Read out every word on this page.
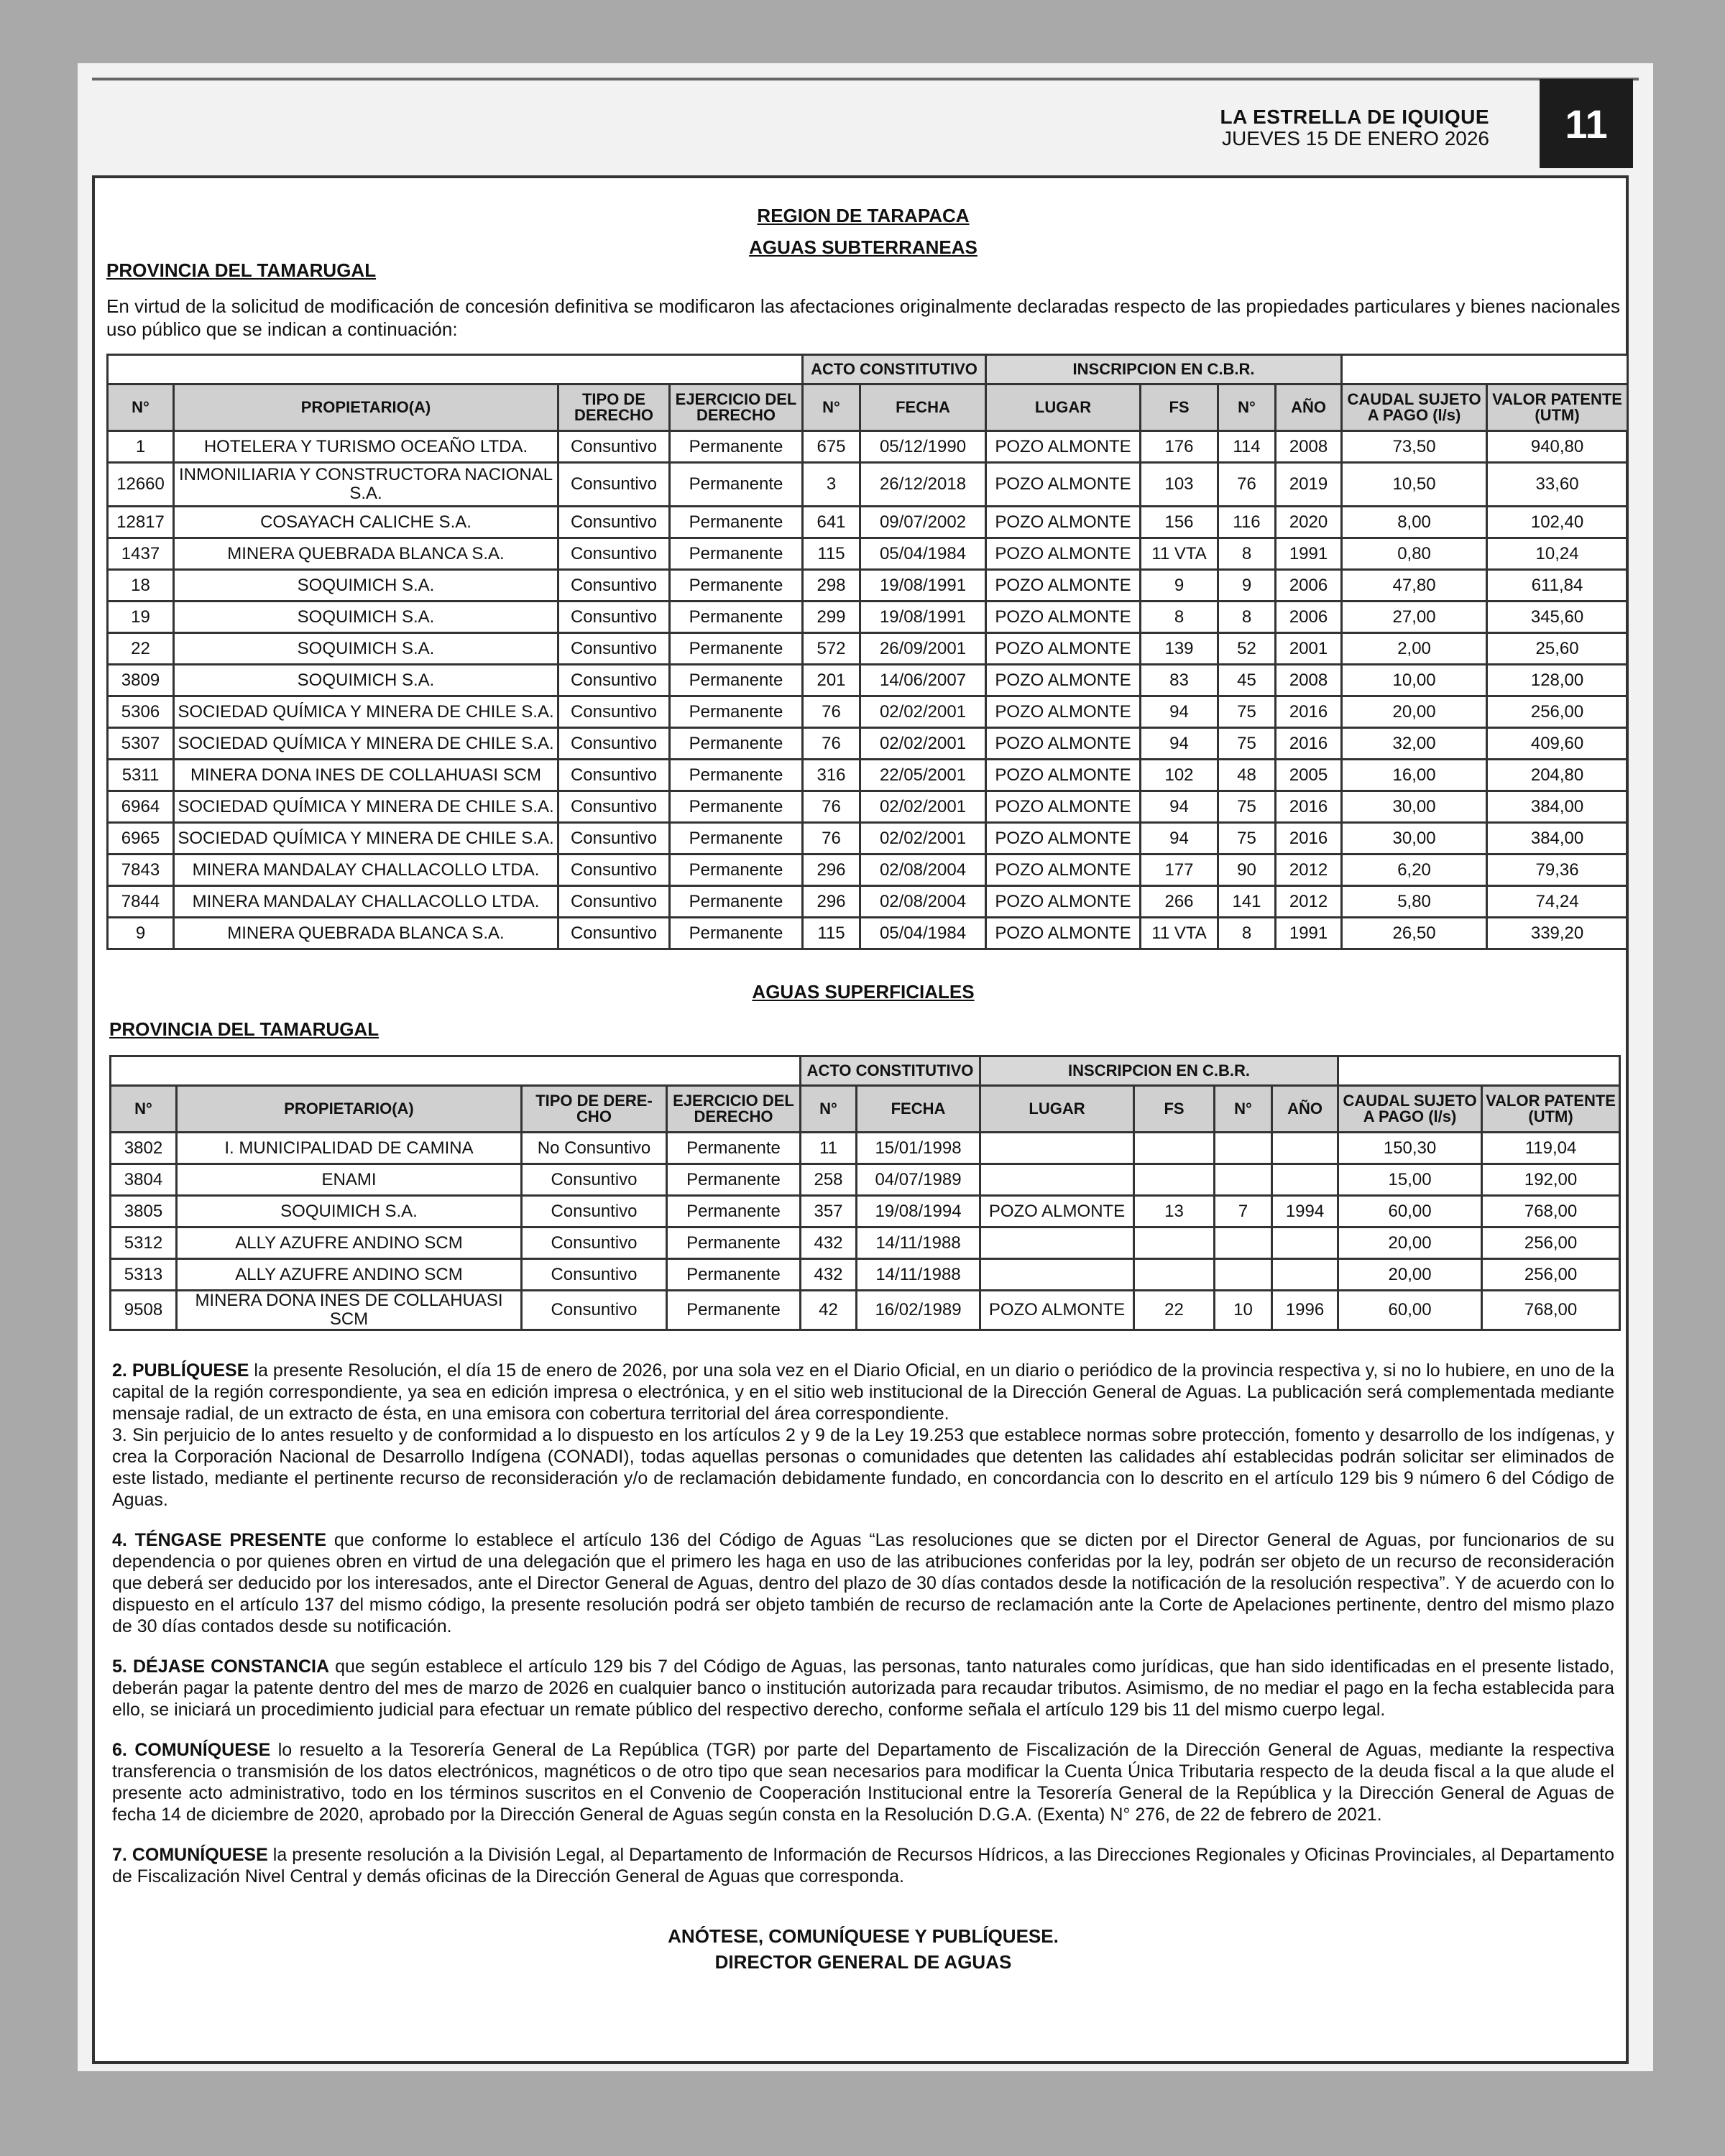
LA ESTRELLA DE IQUIQUE
JUEVES 15 DE ENERO 2026	11
REGION DE TARAPACA
AGUAS SUBTERRANEAS
PROVINCIA DEL TAMARUGAL
En virtud de la solicitud de modificación de concesión definitiva se modificaron las afectaciones originalmente declaradas respecto de las propiedades particulares y bienes nacionales uso público que se indican a continuación:
				ACTO CONSTITUTIVO		INSCRIPCION EN C.B.R.					
N°	PROPIETARIO(A)	TIPO DE DERECHO	EJERCICIO DEL DERECHO	N°	FECHA	LUGAR	FS	N°	AÑO	CAUDAL SUJETO A PAGO (l/s)	VALOR PATENTE (UTM)
1	HOTELERA Y TURISMO OCEAÑO LTDA.	Consuntivo	Permanente	675	05/12/1990	POZO ALMONTE	176	114	2008	73,50	940,80
12660	INMONILIARIA Y CONSTRUCTORA NACIONAL S.A.	Consuntivo	Permanente	3	26/12/2018	POZO ALMONTE	103	76	2019	10,50	33,60
12817	COSAYACH CALICHE S.A.	Consuntivo	Permanente	641	09/07/2002	POZO ALMONTE	156	116	2020	8,00	102,40
1437	MINERA QUEBRADA BLANCA S.A.	Consuntivo	Permanente	115	05/04/1984	POZO ALMONTE	11 VTA	8	1991	0,80	10,24
18	SOQUIMICH S.A.	Consuntivo	Permanente	298	19/08/1991	POZO ALMONTE	9	9	2006	47,80	611,84
19	SOQUIMICH S.A.	Consuntivo	Permanente	299	19/08/1991	POZO ALMONTE	8	8	2006	27,00	345,60
22	SOQUIMICH S.A.	Consuntivo	Permanente	572	26/09/2001	POZO ALMONTE	139	52	2001	2,00	25,60
3809	SOQUIMICH S.A.	Consuntivo	Permanente	201	14/06/2007	POZO ALMONTE	83	45	2008	10,00	128,00
5306	SOCIEDAD QUÍMICA Y MINERA DE CHILE S.A.	Consuntivo	Permanente	76	02/02/2001	POZO ALMONTE	94	75	2016	20,00	256,00
5307	SOCIEDAD QUÍMICA Y MINERA DE CHILE S.A.	Consuntivo	Permanente	76	02/02/2001	POZO ALMONTE	94	75	2016	32,00	409,60
5311	MINERA DONA INES DE COLLAHUASI SCM	Consuntivo	Permanente	316	22/05/2001	POZO ALMONTE	102	48	2005	16,00	204,80
6964	SOCIEDAD QUÍMICA Y MINERA DE CHILE S.A.	Consuntivo	Permanente	76	02/02/2001	POZO ALMONTE	94	75	2016	30,00	384,00
6965	SOCIEDAD QUÍMICA Y MINERA DE CHILE S.A.	Consuntivo	Permanente	76	02/02/2001	POZO ALMONTE	94	75	2016	30,00	384,00
7843	MINERA MANDALAY CHALLACOLLO LTDA.	Consuntivo	Permanente	296	02/08/2004	POZO ALMONTE	177	90	2012	6,20	79,36
7844	MINERA MANDALAY CHALLACOLLO LTDA.	Consuntivo	Permanente	296	02/08/2004	POZO ALMONTE	266	141	2012	5,80	74,24
9	MINERA QUEBRADA BLANCA S.A.	Consuntivo	Permanente	115	05/04/1984	POZO ALMONTE	11 VTA	8	1991	26,50	339,20
AGUAS SUPERFICIALES
PROVINCIA DEL TAMARUGAL
				ACTO CONSTITUTIVO		INSCRIPCION EN C.B.R.					
N°	PROPIETARIO(A)	TIPO DE DERE-CHO	EJERCICIO DEL DERECHO	N°	FECHA	LUGAR	FS	N°	AÑO	CAUDAL SUJETO A PAGO (l/s)	VALOR PATENTE (UTM)
3802	I. MUNICIPALIDAD DE CAMINA	No Consuntivo	Permanente	11	15/01/1998					150,30	119,04
3804	ENAMI	Consuntivo	Permanente	258	04/07/1989					15,00	192,00
3805	SOQUIMICH S.A.	Consuntivo	Permanente	357	19/08/1994	POZO ALMONTE	13	7	1994	60,00	768,00
5312	ALLY AZUFRE ANDINO SCM	Consuntivo	Permanente	432	14/11/1988					20,00	256,00
5313	ALLY AZUFRE ANDINO SCM	Consuntivo	Permanente	432	14/11/1988					20,00	256,00
9508	MINERA DONA INES DE COLLAHUASI SCM	Consuntivo	Permanente	42	16/02/1989	POZO ALMONTE	22	10	1996	60,00	768,00

2. PUBLÍQUESE la presente Resolución, el día 15 de enero de 2026, por una sola vez en el Diario Oficial, en un diario o periódico de la provincia respectiva y, si no lo hubiere, en uno de la capital de la región correspondiente, ya sea en edición impresa o electrónica, y en el sitio web institucional de la Dirección General de Aguas. La publicación será complementada mediante mensaje radial, de un extracto de ésta, en una emisora con cobertura territorial del área correspondiente.

3. Sin perjuicio de lo antes resuelto y de conformidad a lo dispuesto en los artículos 2 y 9 de la Ley 19.253 que establece normas sobre protección, fomento y desarrollo de los indígenas, y crea la Corporación Nacional de Desarrollo Indígena (CONADI), todas aquellas personas o comunidades que detenten las calidades ahí establecidas podrán solicitar ser eliminados de este listado, mediante el pertinente recurso de reconsideración y/o de reclamación debidamente fundado, en concordancia con lo descrito en el artículo 129 bis 9 número 6 del Código de Aguas.

4. TÉNGASE PRESENTE que conforme lo establece el artículo 136 del Código de Aguas “Las resoluciones que se dicten por el Director General de Aguas, por funcionarios de su dependencia o por quienes obren en virtud de una delegación que el primero les haga en uso de las atribuciones conferidas por la ley, podrán ser objeto de un recurso de reconsideración que deberá ser deducido por los interesados, ante el Director General de Aguas, dentro del plazo de 30 días contados desde la notificación de la resolución respectiva”. Y de acuerdo con lo dispuesto en el artículo 137 del mismo código, la presente resolución podrá ser objeto también de recurso de reclamación ante la Corte de Apelaciones pertinente, dentro del mismo plazo de 30 días contados desde su notificación.

5. DÉJASE CONSTANCIA que según establece el artículo 129 bis 7 del Código de Aguas, las personas, tanto naturales como jurídicas, que han sido identificadas en el presente listado, deberán pagar la patente dentro del mes de marzo de 2026 en cualquier banco o institución autorizada para recaudar tributos. Asimismo, de no mediar el pago en la fecha establecida para ello, se iniciará un procedimiento judicial para efectuar un remate público del respectivo derecho, conforme señala el artículo 129 bis 11 del mismo cuerpo legal.

6. COMUNÍQUESE lo resuelto a la Tesorería General de La República (TGR) por parte del Departamento de Fiscalización de la Dirección General de Aguas, mediante la respectiva transferencia o transmisión de los datos electrónicos, magnéticos o de otro tipo que sean necesarios para modificar la Cuenta Única Tributaria respecto de la deuda fiscal a la que alude el presente acto administrativo, todo en los términos suscritos en el Convenio de Cooperación Institucional entre la Tesorería General de la República y la Dirección General de Aguas de fecha 14 de diciembre de 2020, aprobado por la Dirección General de Aguas según consta en la Resolución D.G.A. (Exenta) N° 276, de 22 de febrero de 2021.

7. COMUNÍQUESE la presente resolución a la División Legal, al Departamento de Información de Recursos Hídricos, a las Direcciones Regionales y Oficinas Provinciales, al Departamento de Fiscalización Nivel Central y demás oficinas de la Dirección General de Aguas que corresponda.

ANÓTESE, COMUNÍQUESE Y PUBLÍQUESE.
DIRECTOR GENERAL DE AGUAS
